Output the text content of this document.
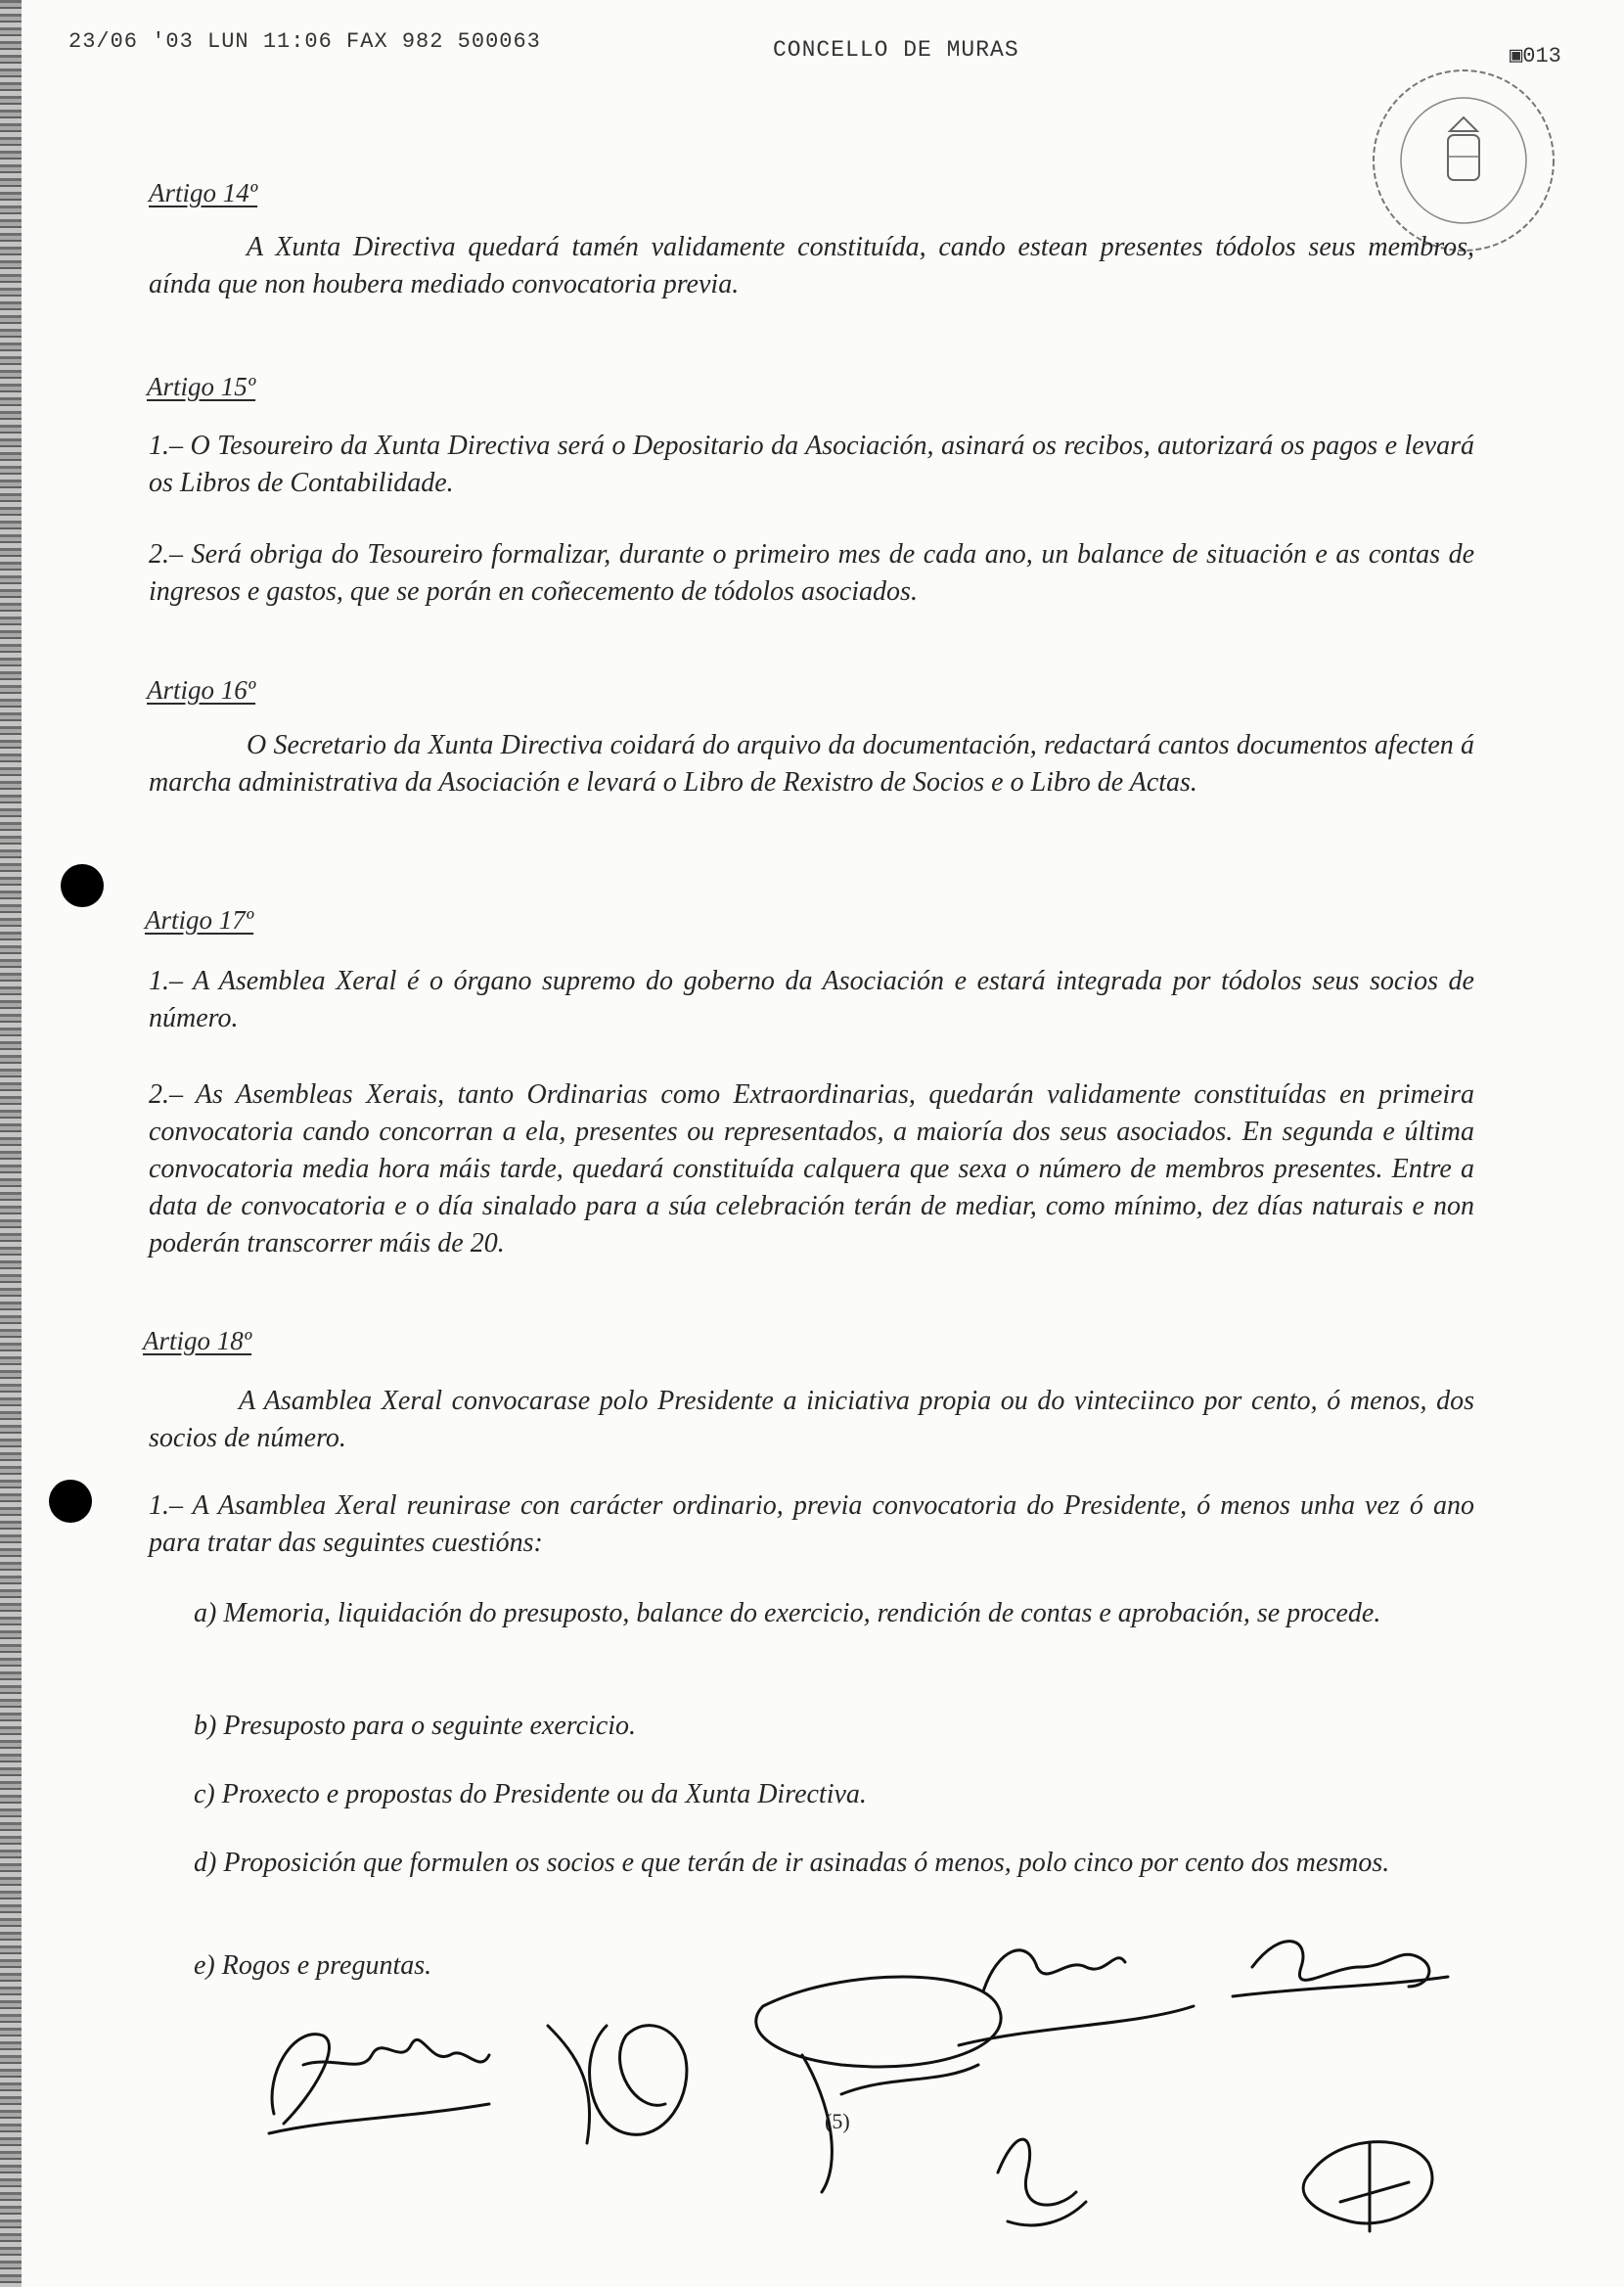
23/06 '03 LUN 11:06 FAX 982 500063	CONCELLO DE MURAS	▣013
Artigo 14º
A Xunta Directiva quedará tamén validamente constituída, cando estean presentes tódolos seus membros, aínda que non houbera mediado convocatoria previa.
Artigo 15º
1.– O Tesoureiro da Xunta Directiva será o Depositario da Asociación, asinará os recibos, autorizará os pagos e levará os Libros de Contabilidade.
2.– Será obriga do Tesoureiro formalizar, durante o primeiro mes de cada ano, un balance de situación e as contas de ingresos e gastos, que se porán en coñecemento de tódolos asociados.
Artigo 16º
O Secretario da Xunta Directiva coidará do arquivo da documentación, redactará cantos documentos afecten á marcha administrativa da Asociación e levará o Libro de Rexistro de Socios e o Libro de Actas.
Artigo 17º
1.– A Asemblea Xeral é o órgano supremo do goberno da Asociación e estará integrada por tódolos seus socios de número.
2.– As Asembleas Xerais, tanto Ordinarias como Extraordinarias, quedarán validamente constituídas en primeira convocatoria cando concorran a ela, presentes ou representados, a maioría dos seus asociados. En segunda e última convocatoria media hora máis tarde, quedará constituída calquera que sexa o número de membros presentes. Entre a data de convocatoria e o día sinalado para a súa celebración terán de mediar, como mínimo, dez días naturais e non poderán transcorrer máis de 20.
Artigo 18º
A Asamblea Xeral convocarase polo Presidente a iniciativa propia ou do vinteciinco por cento, ó menos, dos socios de número.
1.– A Asamblea Xeral reunirase con carácter ordinario, previa convocatoria do Presidente, ó menos unha vez ó ano para tratar das seguintes cuestións:
a) Memoria, liquidación do presuposto, balance do exercicio, rendición de contas e aprobación, se procede.
b) Presuposto para o seguinte exercicio.
c) Proxecto e propostas do Presidente ou da Xunta Directiva.
d) Proposición que formulen os socios e que terán de ir asinadas ó menos, polo cinco por cento dos mesmos.
e) Rogos e preguntas.
(5)
